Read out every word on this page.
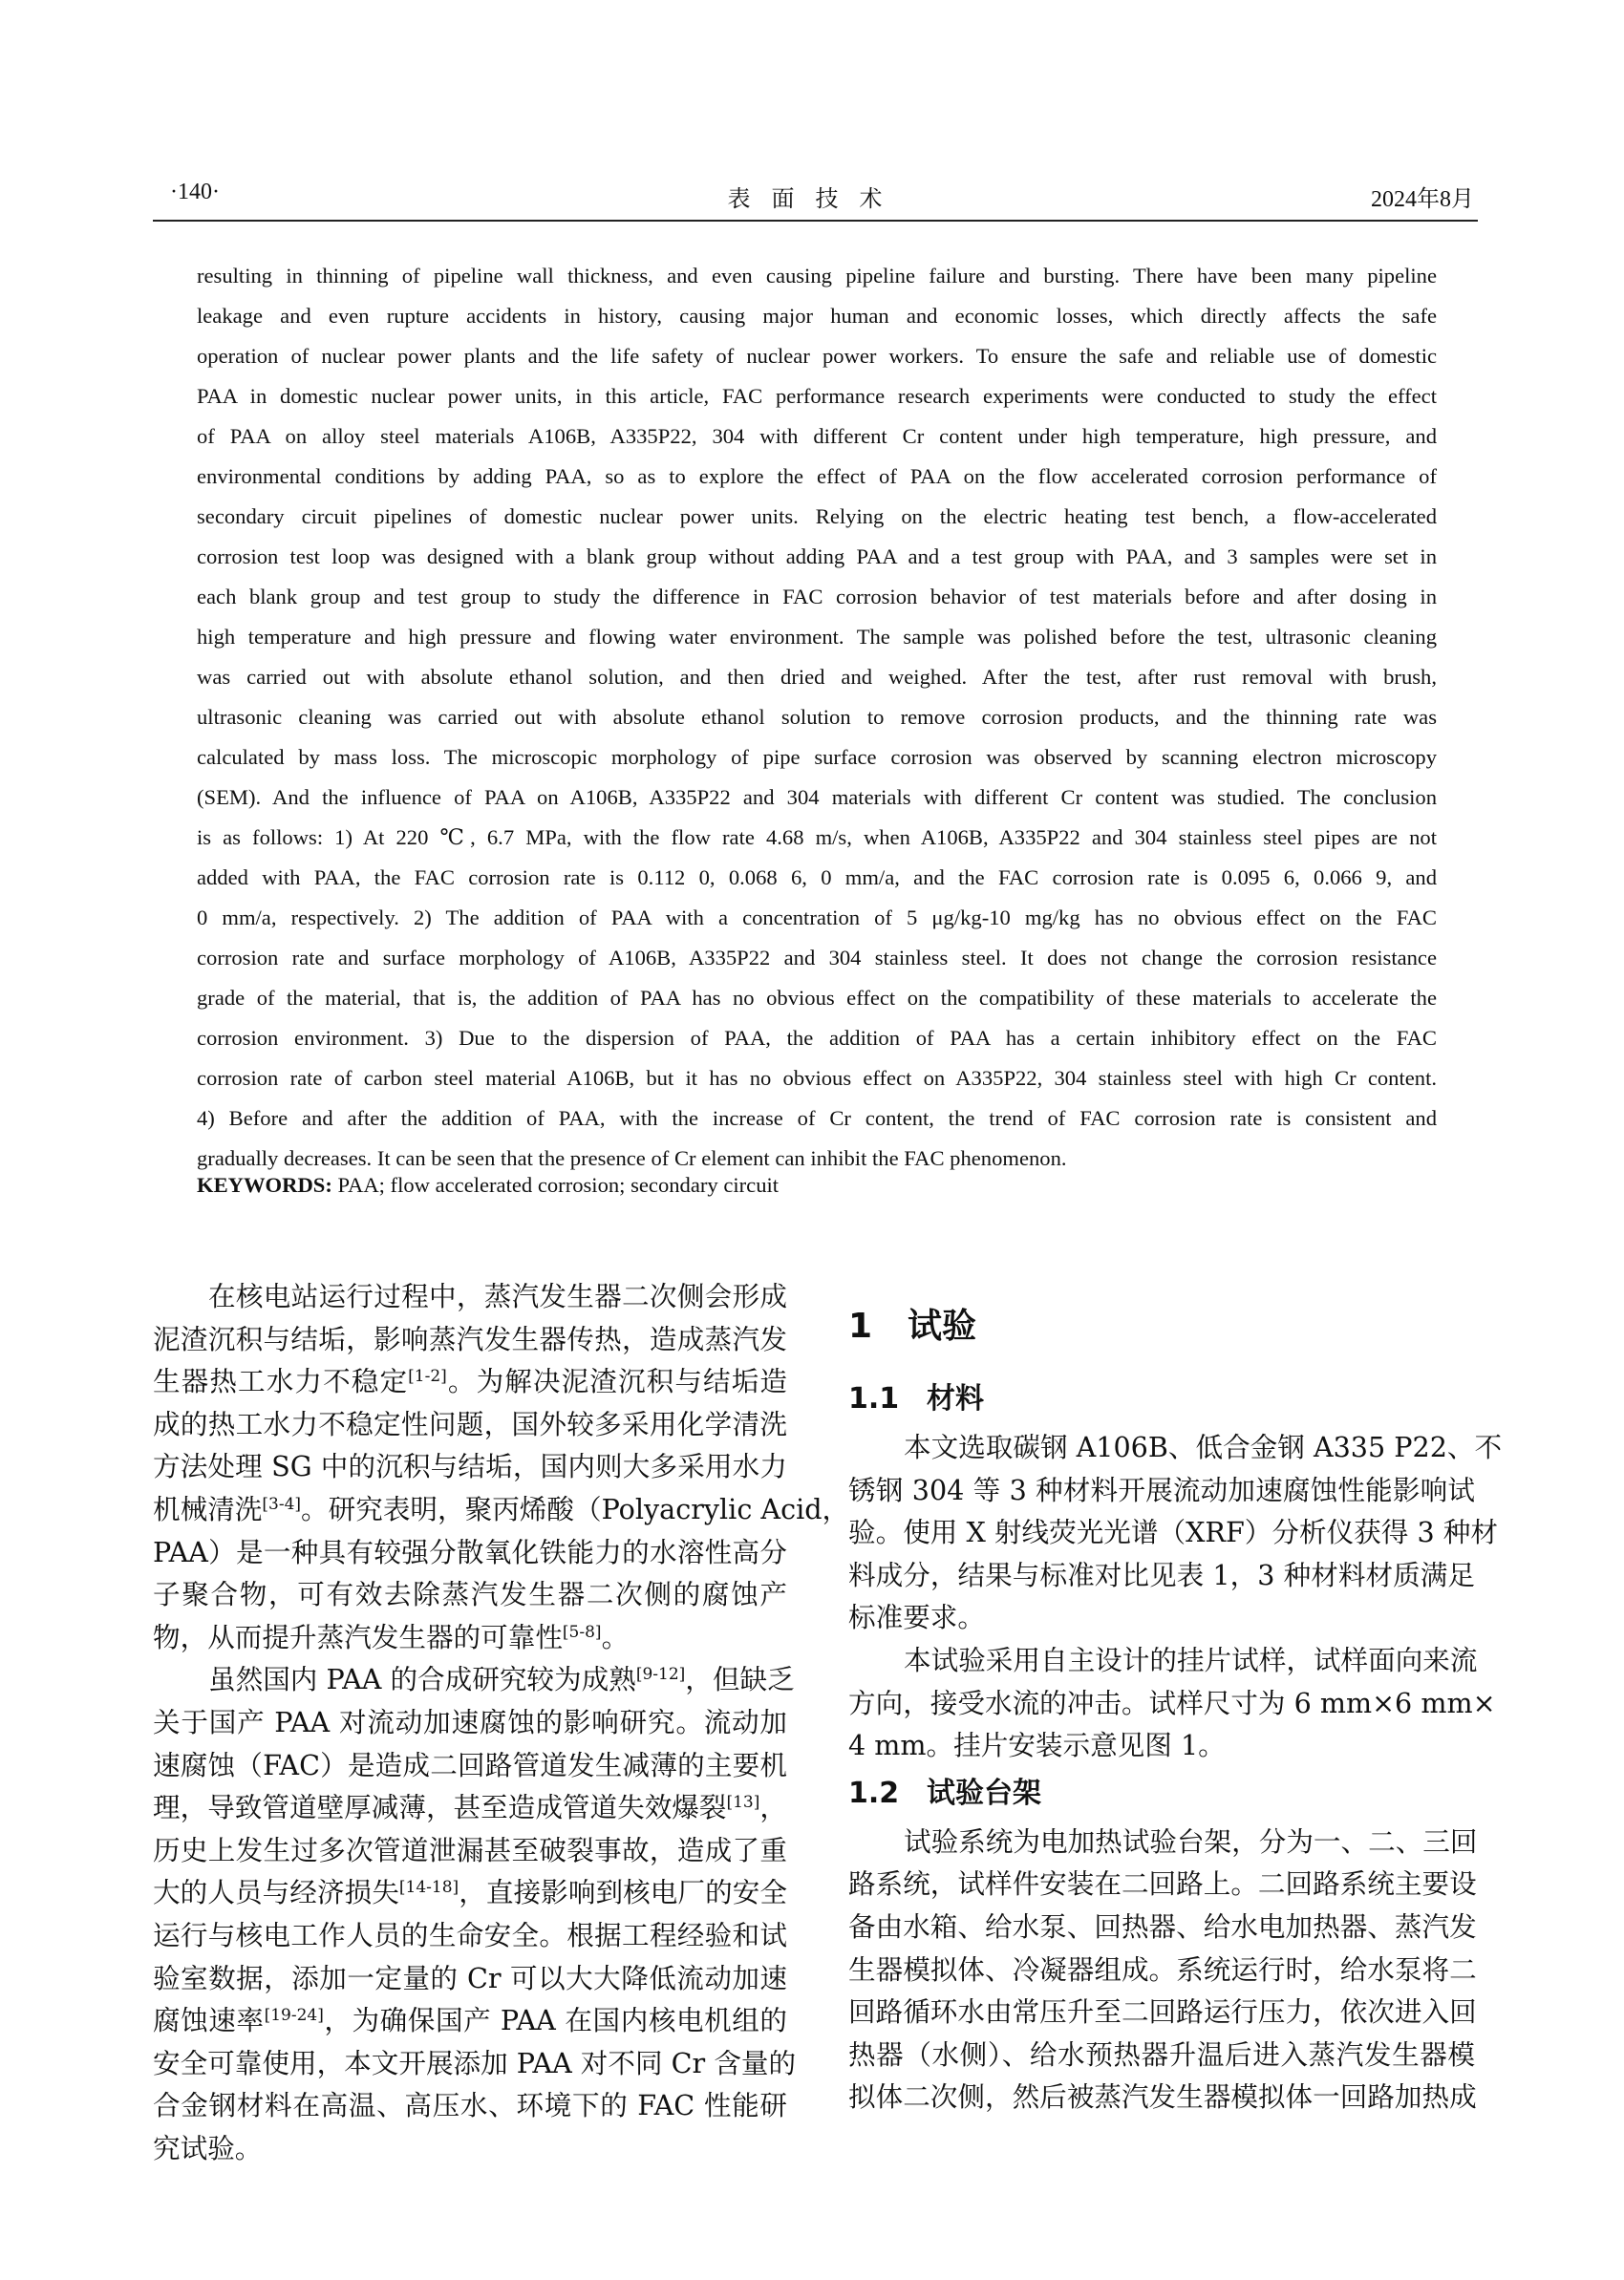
·140·	表面技术	2024年8月
resulting in thinning of pipeline wall thickness, and even causing pipeline failure and bursting. There have been many pipeline
leakage and even rupture accidents in history, causing major human and economic losses, which directly affects the safe
operation of nuclear power plants and the life safety of nuclear power workers. To ensure the safe and reliable use of domestic
PAA in domestic nuclear power units, in this article, FAC performance research experiments were conducted to study the effect
of PAA on alloy steel materials A106B, A335P22, 304 with different Cr content under high temperature, high pressure, and
environmental conditions by adding PAA, so as to explore the effect of PAA on the flow accelerated corrosion performance of
secondary circuit pipelines of domestic nuclear power units. Relying on the electric heating test bench, a flow-accelerated
corrosion test loop was designed with a blank group without adding PAA and a test group with PAA, and 3 samples were set in
each blank group and test group to study the difference in FAC corrosion behavior of test materials before and after dosing in
high temperature and high pressure and flowing water environment. The sample was polished before the test, ultrasonic cleaning
was carried out with absolute ethanol solution, and then dried and weighed. After the test, after rust removal with brush,
ultrasonic cleaning was carried out with absolute ethanol solution to remove corrosion products, and the thinning rate was
calculated by mass loss. The microscopic morphology of pipe surface corrosion was observed by scanning electron microscopy
(SEM). And the influence of PAA on A106B, A335P22 and 304 materials with different Cr content was studied. The conclusion
is as follows: 1) At 220 ℃, 6.7 MPa, with the flow rate 4.68 m/s, when A106B, A335P22 and 304 stainless steel pipes are not
added with PAA, the FAC corrosion rate is 0.112 0, 0.068 6, 0 mm/a, and the FAC corrosion rate is 0.095 6, 0.066 9, and
0 mm/a, respectively. 2) The addition of PAA with a concentration of 5 μg/kg-10 mg/kg has no obvious effect on the FAC
corrosion rate and surface morphology of A106B, A335P22 and 304 stainless steel. It does not change the corrosion resistance
grade of the material, that is, the addition of PAA has no obvious effect on the compatibility of these materials to accelerate the
corrosion environment. 3) Due to the dispersion of PAA, the addition of PAA has a certain inhibitory effect on the FAC
corrosion rate of carbon steel material A106B, but it has no obvious effect on A335P22, 304 stainless steel with high Cr content.
4) Before and after the addition of PAA, with the increase of Cr content, the trend of FAC corrosion rate is consistent and
gradually decreases. It can be seen that the presence of Cr element can inhibit the FAC phenomenon.
KEYWORDS: PAA; flow accelerated corrosion; secondary circuit
在核电站运行过程中，蒸汽发生器二次侧会形成
泥渣沉积与结垢，影响蒸汽发生器传热，造成蒸汽发
生器热工水力不稳定[1-2]。为解决泥渣沉积与结垢造
成的热工水力不稳定性问题，国外较多采用化学清洗
方法处理 SG 中的沉积与结垢，国内则大多采用水力
机械清洗[3-4]。研究表明，聚丙烯酸（Polyacrylic Acid，
PAA）是一种具有较强分散氧化铁能力的水溶性高分
子聚合物，可有效去除蒸汽发生器二次侧的腐蚀产
物，从而提升蒸汽发生器的可靠性[5-8]。
虽然国内 PAA 的合成研究较为成熟[9-12]，但缺乏
关于国产 PAA 对流动加速腐蚀的影响研究。流动加
速腐蚀（FAC）是造成二回路管道发生减薄的主要机
理，导致管道壁厚减薄，甚至造成管道失效爆裂[13]，
历史上发生过多次管道泄漏甚至破裂事故，造成了重
大的人员与经济损失[14-18]，直接影响到核电厂的安全
运行与核电工作人员的生命安全。根据工程经验和试
验室数据，添加一定量的 Cr 可以大大降低流动加速
腐蚀速率[19-24]，为确保国产 PAA 在国内核电机组的
安全可靠使用，本文开展添加 PAA 对不同 Cr 含量的
合金钢材料在高温、高压水、环境下的 FAC 性能研
究试验。
1 试验
1.1 材料
本文选取碳钢 A106B、低合金钢 A335 P22、不
锈钢 304 等 3 种材料开展流动加速腐蚀性能影响试
验。使用 X 射线荧光光谱（XRF）分析仪获得 3 种材
料成分，结果与标准对比见表 1，3 种材料材质满足
标准要求。
本试验采用自主设计的挂片试样，试样面向来流
方向，接受水流的冲击。试样尺寸为 6 mm×6 mm×
4 mm。挂片安装示意见图 1。
1.2 试验台架
试验系统为电加热试验台架，分为一、二、三回
路系统，试样件安装在二回路上。二回路系统主要设
备由水箱、给水泵、回热器、给水电加热器、蒸汽发
生器模拟体、冷凝器组成。系统运行时，给水泵将二
回路循环水由常压升至二回路运行压力，依次进入回
热器（水侧）、给水预热器升温后进入蒸汽发生器模
拟体二次侧，然后被蒸汽发生器模拟体一回路加热成
